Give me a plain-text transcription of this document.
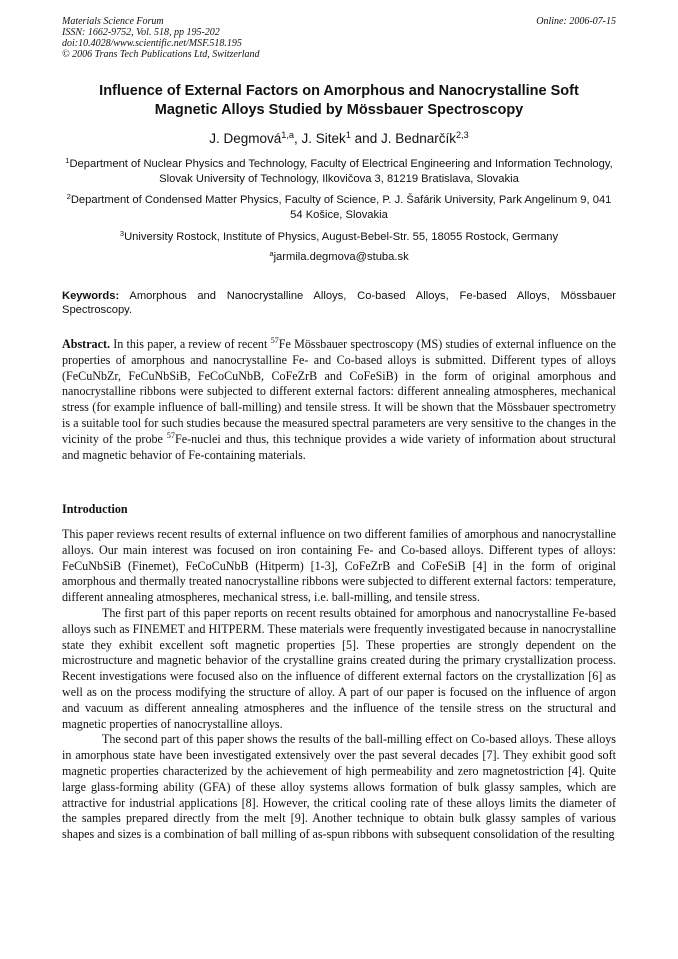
Materials Science Forum
ISSN: 1662-9752, Vol. 518, pp 195-202
doi:10.4028/www.scientific.net/MSF.518.195
© 2006 Trans Tech Publications Ltd, Switzerland
Online: 2006-07-15
Influence of External Factors on Amorphous and Nanocrystalline Soft
Magnetic Alloys Studied by Mössbauer Spectroscopy
J. Degmová$^{1,a}$, J. Sitek$^1$ and J. Bednarčík$^{2,3}$
$^1$Department of Nuclear Physics and Technology, Faculty of Electrical Engineering and Information Technology, Slovak University of Technology, Ilkovičova 3, 81219 Bratislava, Slovakia
$^2$Department of Condensed Matter Physics, Faculty of Science, P. J. Šafárik University, Park Angelinum 9, 041 54 Košice, Slovakia
$^3$University Rostock, Institute of Physics, August-Bebel-Str. 55, 18055 Rostock, Germany
$^a$jarmila.degmova@stuba.sk
Keywords: Amorphous and Nanocrystalline Alloys, Co-based Alloys, Fe-based Alloys, Mössbauer Spectroscopy.
Abstract. In this paper, a review of recent $^{57}$Fe Mössbauer spectroscopy (MS) studies of external influence on the properties of amorphous and nanocrystalline Fe- and Co-based alloys is submitted. Different types of alloys (FeCuNbZr, FeCuNbSiB, FeCoCuNbB, CoFeZrB and CoFeSiB) in the form of original amorphous and nanocrystalline ribbons were subjected to different external factors: different annealing atmospheres, mechanical stress (for example influence of ball-milling) and tensile stress. It will be shown that the Mössbauer spectrometry is a suitable tool for such studies because the measured spectral parameters are very sensitive to the changes in the vicinity of the probe $^{57}$Fe-nuclei and thus, this technique provides a wide variety of information about structural and magnetic behavior of Fe-containing materials.
Introduction

This paper reviews recent results of external influence on two different families of amorphous and nanocrystalline alloys. Our main interest was focused on iron containing Fe- and Co-based alloys. Different types of alloys: FeCuNbSiB (Finemet), FeCoCuNbB (Hitperm) [1-3], CoFeZrB and CoFeSiB [4] in the form of original amorphous and thermally treated nanocrystalline ribbons were subjected to different external factors: temperature, different annealing atmospheres, mechanical stress, i.e. ball-milling, and tensile stress.

The first part of this paper reports on recent results obtained for amorphous and nanocrystalline Fe-based alloys such as FINEMET and HITPERM. These materials were frequently investigated because in nanocrystalline state they exhibit excellent soft magnetic properties [5]. These properties are strongly dependent on the microstructure and magnetic behavior of the crystalline grains created during the primary crystallization process. Recent investigations were focused also on the influence of different external factors on the crystallization [6] as well as on the process modifying the structure of alloy. A part of our paper is focused on the influence of argon and vacuum as different annealing atmospheres and the influence of the tensile stress on the structural and magnetic properties of nanocrystalline alloys.

The second part of this paper shows the results of the ball-milling effect on Co-based alloys. These alloys in amorphous state have been investigated extensively over the past several decades [7]. They exhibit good soft magnetic properties characterized by the achievement of high permeability and zero magnetostriction [4]. Quite large glass-forming ability (GFA) of these alloy systems allows formation of bulk glassy samples, which are attractive for industrial applications [8]. However, the critical cooling rate of these alloys limits the diameter of the samples prepared directly from the melt [9]. Another technique to obtain bulk glassy samples of various shapes and sizes is a combination of ball milling of as-spun ribbons with subsequent consolidation of the resulting
